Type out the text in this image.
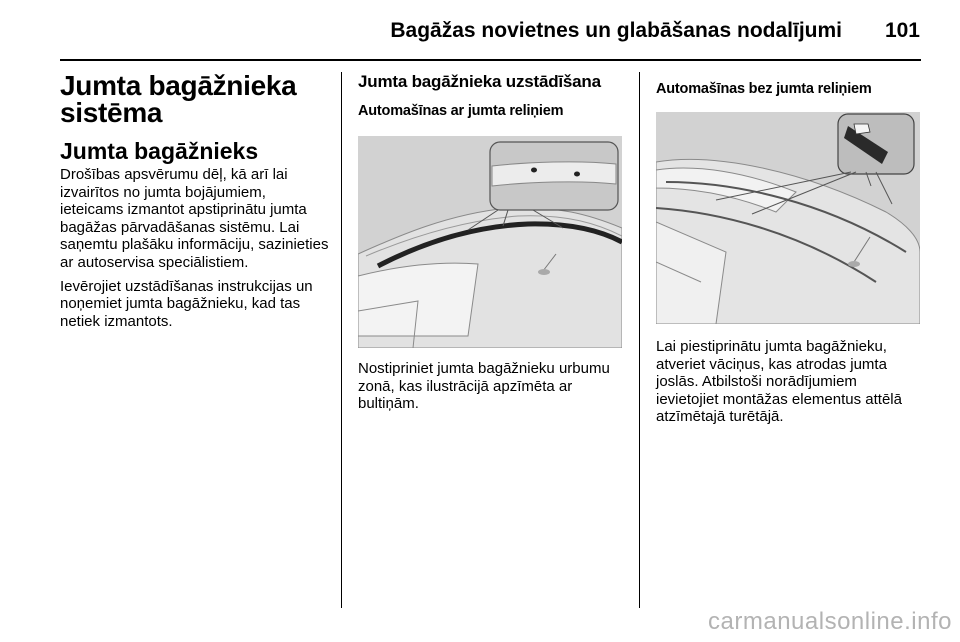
Bagāžas novietnes un glabāšanas nodalījumi 101
Jumta bagāžnieka sistēma
Jumta bagāžnieks

Drošības apsvērumu dēļ, kā arī lai izvairītos no jumta bojājumiem, ieteicams izmantot apstiprinātu jumta bagāžas pārvadāšanas sistēmu. Lai saņemtu plašāku informāciju, sazinieties ar autoservisa speciālistiem.

Ievērojiet uzstādīšanas instrukcijas un noņemiet jumta bagāžnieku, kad tas netiek izmantots.

Jumta bagāžnieka uzstādīšana
Automašīnas ar jumta reliņiem

Nostipriniet jumta bagāžnieku urbumu zonā, kas ilustrācijā apzīmēta ar bultiņām.

Automašīnas bez jumta reliņiem

Lai piestiprinātu jumta bagāžnieku, atveriet vāciņus, kas atrodas jumta joslās. Atbilstoši norādījumiem ievietojiet montāžas elementus attēlā atzīmētajā turētājā.

carmanualsonline.info
